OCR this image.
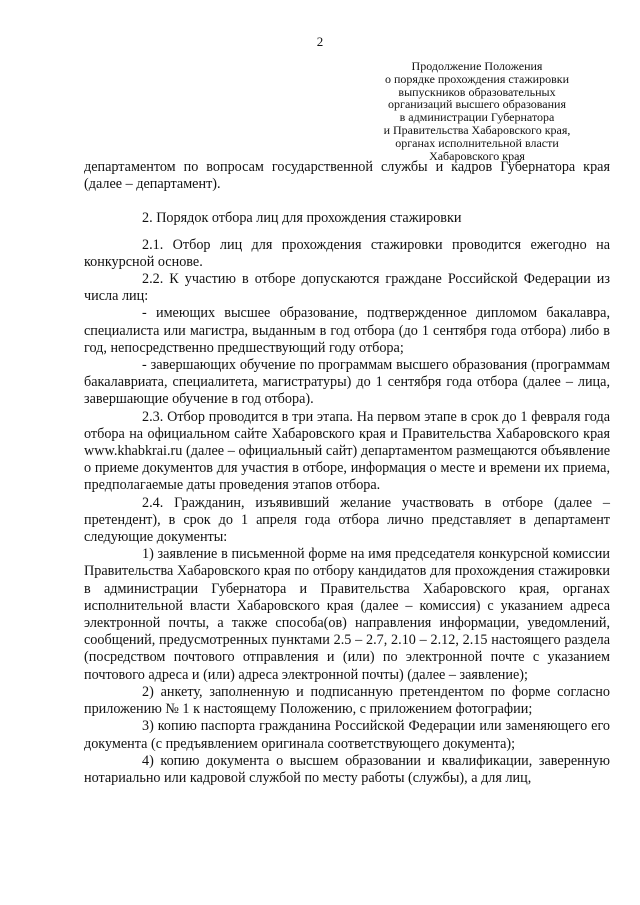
2
Продолжение Положения
о порядке прохождения стажировки
выпускников образовательных
организаций высшего образования
в администрации Губернатора
и Правительства Хабаровского края,
органах исполнительной власти
Хабаровского края

департаментом по вопросам государственной службы и кадров Губернатора края (далее – департамент).

2. Порядок отбора лиц для прохождения стажировки

2.1. Отбор лиц для прохождения стажировки проводится ежегодно на конкурсной основе.

2.2. К участию в отборе допускаются граждане Российской Федерации из числа лиц:

- имеющих высшее образование, подтвержденное дипломом бакалавра, специалиста или магистра, выданным в год отбора (до 1 сентября года отбора) либо в год, непосредственно предшествующий году отбора;

- завершающих обучение по программам высшего образования (программам бакалавриата, специалитета, магистратуры) до 1 сентября года отбора (далее – лица, завершающие обучение в год отбора).

2.3. Отбор проводится в три этапа. На первом этапе в срок до 1 февраля года отбора на официальном сайте Хабаровского края и Правительства Хабаровского края www.khabkrai.ru (далее – официальный сайт) департаментом размещаются объявление о приеме документов для участия в отборе, информация о месте и времени их приема, предполагаемые даты проведения этапов отбора.

2.4. Гражданин, изъявивший желание участвовать в отборе (далее – претендент), в срок до 1 апреля года отбора лично представляет в департамент следующие документы:

1) заявление в письменной форме на имя председателя конкурсной комиссии Правительства Хабаровского края по отбору кандидатов для прохождения стажировки в администрации Губернатора и Правительства Хабаровского края, органах исполнительной власти Хабаровского края (далее – комиссия) с указанием адреса электронной почты, а также способа(ов) направления информации, уведомлений, сообщений, предусмотренных пунктами 2.5 – 2.7, 2.10 – 2.12, 2.15 настоящего раздела (посредством почтового отправления и (или) по электронной почте с указанием почтового адреса и (или) адреса электронной почты) (далее – заявление);

2) анкету, заполненную и подписанную претендентом по форме согласно приложению № 1 к настоящему Положению, с приложением фотографии;

3) копию паспорта гражданина Российской Федерации или заменяющего его документа (с предъявлением оригинала соответствующего документа);

4) копию документа о высшем образовании и квалификации, заверенную нотариально или кадровой службой по месту работы (службы), а для лиц,
